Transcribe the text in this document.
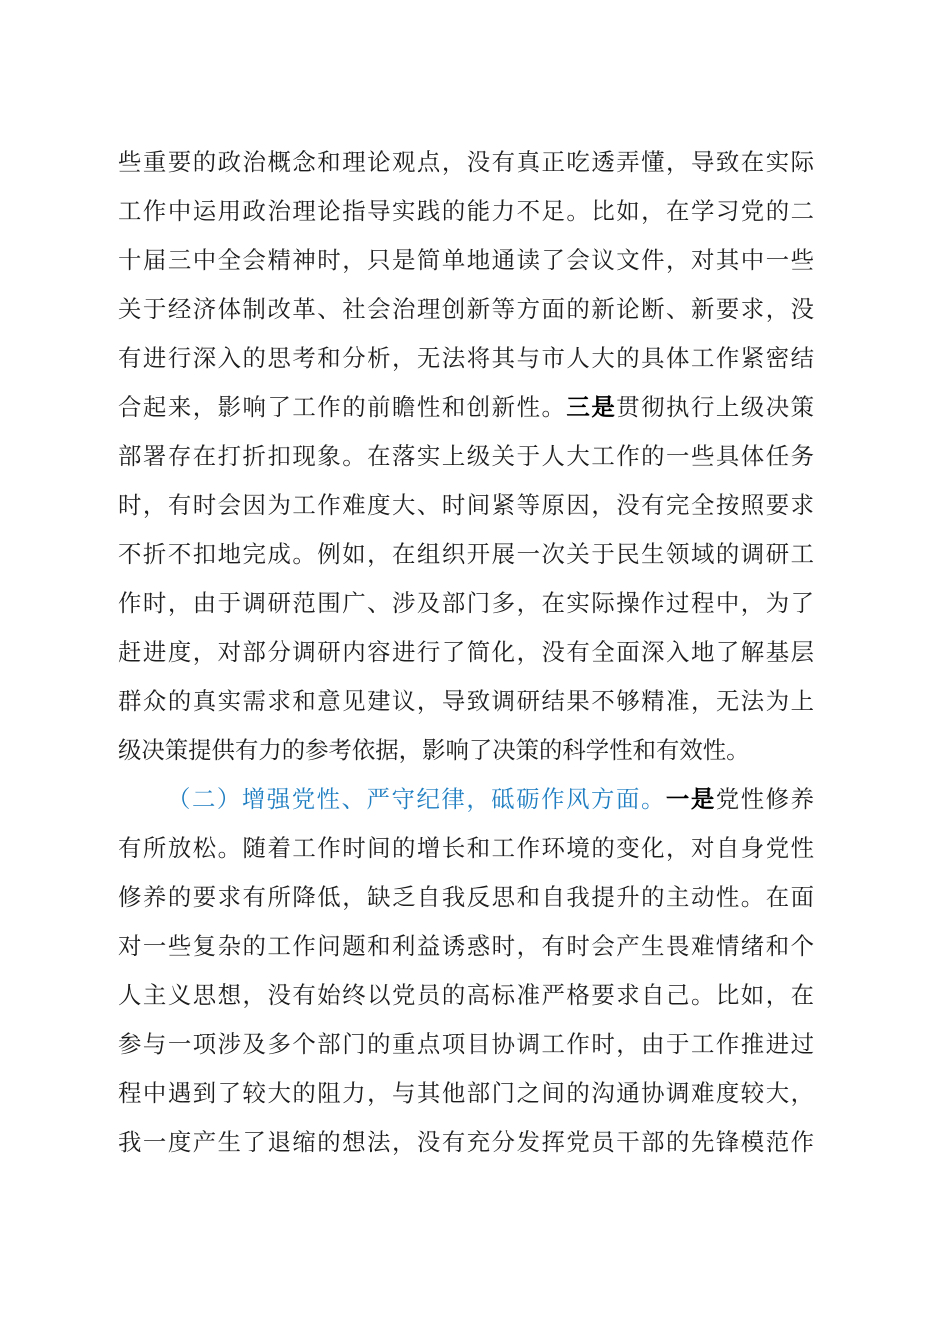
些重要的政治概念和理论观点，没有真正吃透弄懂，导致在实际
工作中运用政治理论指导实践的能力不足。比如，在学习党的二
十届三中全会精神时，只是简单地通读了会议文件，对其中一些
关于经济体制改革、社会治理创新等方面的新论断、新要求，没
有进行深入的思考和分析，无法将其与市人大的具体工作紧密结
合起来，影响了工作的前瞻性和创新性。三是贯彻执行上级决策
部署存在打折扣现象。在落实上级关于人大工作的一些具体任务
时，有时会因为工作难度大、时间紧等原因，没有完全按照要求
不折不扣地完成。例如，在组织开展一次关于民生领域的调研工
作时，由于调研范围广、涉及部门多，在实际操作过程中，为了
赶进度，对部分调研内容进行了简化，没有全面深入地了解基层
群众的真实需求和意见建议，导致调研结果不够精准，无法为上
级决策提供有力的参考依据，影响了决策的科学性和有效性。
（二）增强党性、严守纪律，砥砺作风方面。一是党性修养
有所放松。随着工作时间的增长和工作环境的变化，对自身党性
修养的要求有所降低，缺乏自我反思和自我提升的主动性。在面
对一些复杂的工作问题和利益诱惑时，有时会产生畏难情绪和个
人主义思想，没有始终以党员的高标准严格要求自己。比如，在
参与一项涉及多个部门的重点项目协调工作时，由于工作推进过
程中遇到了较大的阻力，与其他部门之间的沟通协调难度较大，
我一度产生了退缩的想法，没有充分发挥党员干部的先锋模范作
